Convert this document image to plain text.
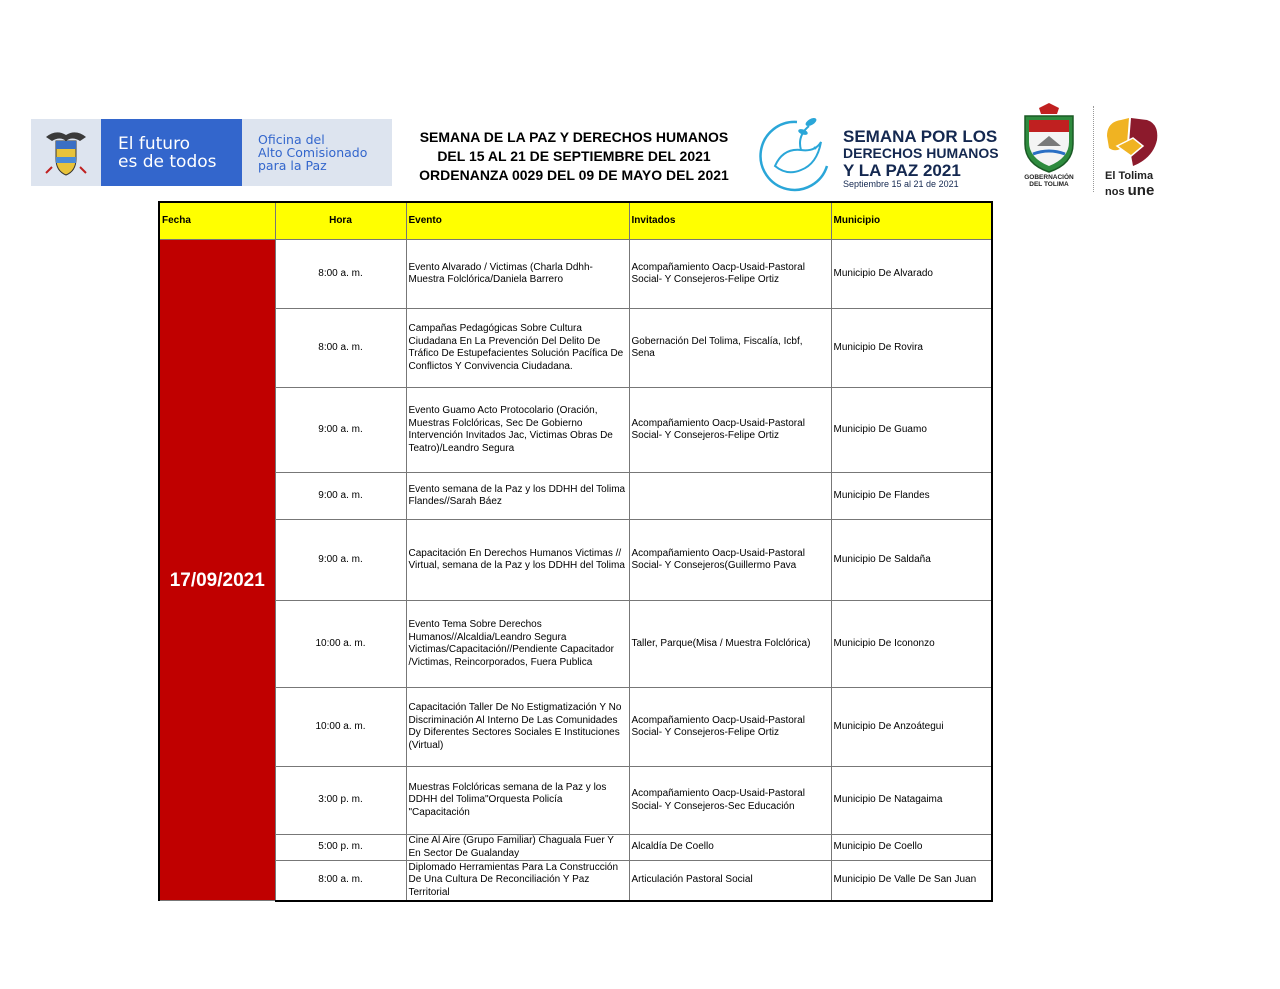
El futuro
es de todos
Oficina del
Alto Comisionado
para la Paz
SEMANA DE LA PAZ Y DERECHOS HUMANOS
DEL 15 AL 21 DE SEPTIEMBRE DEL 2021
ORDENANZA 0029 DEL 09 DE MAYO DEL 2021
SEMANA POR LOS
DERECHOS HUMANOS
Y LA PAZ 2021
Septiembre 15 al 21 de 2021
GOBERNACIÓN
DEL TOLIMA
El Tolima
nos une
Fecha	Hora	Evento	Invitados	Municipio
17/09/2021	8:00 a. m.	Evento Alvarado / Victimas (Charla Ddhh-Muestra Folclórica/Daniela Barrero	Acompañamiento Oacp-Usaid-Pastoral Social- Y Consejeros-Felipe Ortiz	Municipio De Alvarado
	8:00 a. m.	Campañas Pedagógicas Sobre Cultura Ciudadana En La Prevención Del Delito De Tráfico De Estupefacientes Solución Pacífica De Conflictos Y Convivencia Ciudadana.	Gobernación Del Tolima, Fiscalía, Icbf, Sena	Municipio De Rovira
	9:00 a. m.	Evento Guamo Acto Protocolario (Oración, Muestras Folclóricas, Sec De Gobierno Intervención Invitados Jac, Victimas Obras De Teatro)/Leandro Segura	Acompañamiento Oacp-Usaid-Pastoral Social- Y Consejeros-Felipe Ortiz	Municipio De Guamo
	9:00 a. m.	Evento semana de la Paz y los DDHH del Tolima Flandes//Sarah Báez		Municipio De Flandes
	9:00 a. m.	Capacitación En Derechos Humanos Victimas // Virtual, semana de la Paz y los DDHH del Tolima	Acompañamiento Oacp-Usaid-Pastoral Social- Y Consejeros(Guillermo Pava	Municipio De Saldaña
	10:00 a. m.	Evento Tema Sobre Derechos Humanos//Alcaldia/Leandro Segura Victimas/Capacitación//Pendiente Capacitador /Victimas, Reincorporados, Fuera Publica	Taller, Parque(Misa / Muestra Folclórica)	Municipio De Icononzo
	10:00 a. m.	Capacitación Taller De No Estigmatización Y No Discriminación Al Interno De Las Comunidades Dy Diferentes Sectores Sociales E Instituciones (Virtual)	Acompañamiento Oacp-Usaid-Pastoral Social- Y Consejeros-Felipe Ortiz	Municipio De Anzoátegui
	3:00 p. m.	Muestras Folclóricas semana de la Paz y los DDHH del Tolima"Orquesta Policía "Capacitación	Acompañamiento Oacp-Usaid-Pastoral Social- Y Consejeros-Sec Educación	Municipio De Natagaima
	5:00 p. m.	Cine Al Aire (Grupo Familiar) Chaguala Fuer Y En Sector De Gualanday	Alcaldía De Coello	Municipio De Coello
	8:00 a. m.	Diplomado Herramientas Para La Construcción De Una Cultura De Reconciliación Y Paz Territorial	Articulación Pastoral Social	Municipio De Valle De San Juan
